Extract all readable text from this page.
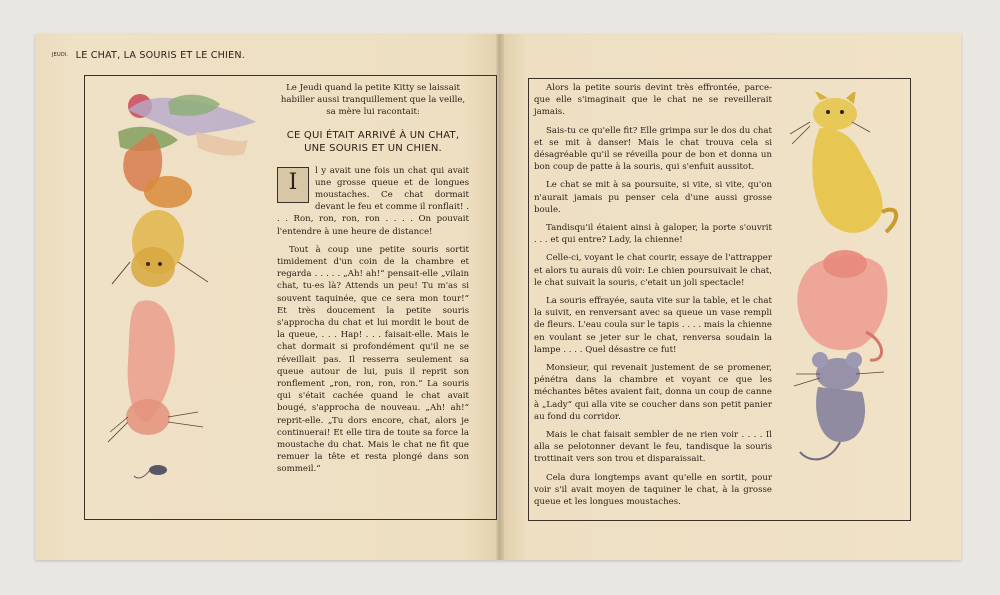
JEUDI. LE CHAT, LA SOURIS ET LE CHIEN.

Le Jeudi quand la petite Kitty se laissait habiller aussi tranquillement que la veille, sa mère lui racontait:

CE QUI ÉTAIT ARRIVÉ À UN CHAT, UNE SOURIS ET UN CHIEN.

I	l y avait une fois un chat qui avait une grosse queue et de longues moustaches. Ce chat dormait devant le feu et comme il ronflait! . . . Ron, ron, ron, ron . . . . On pouvait l'entendre à une heure de distance!

Tout à coup une petite souris sortit timidement d'un coin de la chambre et regarda . . . . . „Ah! ah!“ pensait-elle „vilain chat, tu-es là? Attends un peu! Tu m'as si souvent taquinée, que ce sera mon tour!“ Et très doucement la petite souris s'approcha du chat et lui mordit le bout de la queue, . . . Hap! . . . faisait-elle. Mais le chat dormait si profondément qu'il ne se réveillait pas. Il resserra seulement sa queue autour de lui, puis il reprit son ronflement „ron, ron, ron, ron.“ La souris qui s'était cachée quand le chat avait bougé, s'approcha de nouveau. „Ah! ah!“ reprit-elle. „Tu dors encore, chat, alors je continuerai! Et elle tira de toute sa force la moustache du chat. Mais le chat ne fit que remuer la tête et resta plongé dans son sommeil.“

Alors la petite souris devint très effrontée, parce-que elle s'imaginait que le chat ne se reveillerait jamais.

Sais-tu ce qu'elle fit? Elle grimpa sur le dos du chat et se mit à danser! Mais le chat trouva cela si désagréable qu'il se réveilla pour de bon et donna un bon coup de patte à la souris, qui s'enfuit aussitot.

Le chat se mit à sa poursuite, si vite, si vite, qu'on n'aurait jamais pu penser cela d'une aussi grosse boule.

Tandisqu'il étaient ainsi à galoper, la porte s'ouvrit . . . et qui entre? Lady, la chienne!

Celle-ci, voyant le chat courir, essaye de l'attrapper et alors tu aurais dû voir: Le chien poursuivait le chat, le chat suivait la souris, c'etait un joli spectacle!

La souris effrayée, sauta vite sur la table, et le chat la suivit, en renversant avec sa queue un vase rempli de fleurs. L'eau coula sur le tapis . . . . mais la chienne en voulant se jeter sur le chat, renversa soudain la lampe . . . . Quel désastre ce fut!

Monsieur, qui revenait justement de se promener, pénétra dans la chambre et voyant ce que les méchantes bêtes avaient fait, donna un coup de canne à „Lady“ qui alla vite se coucher dans son petit panier au fond du corridor.

Mais le chat faisait sembler de ne rien voir . . . . Il alla se pelotonner devant le feu, tandisque la souris trottinait vers son trou et disparaissait.

Cela dura longtemps avant qu'elle en sortit, pour voir s'il avait moyen de taquiner le chat, à la grosse queue et les longues moustaches.
